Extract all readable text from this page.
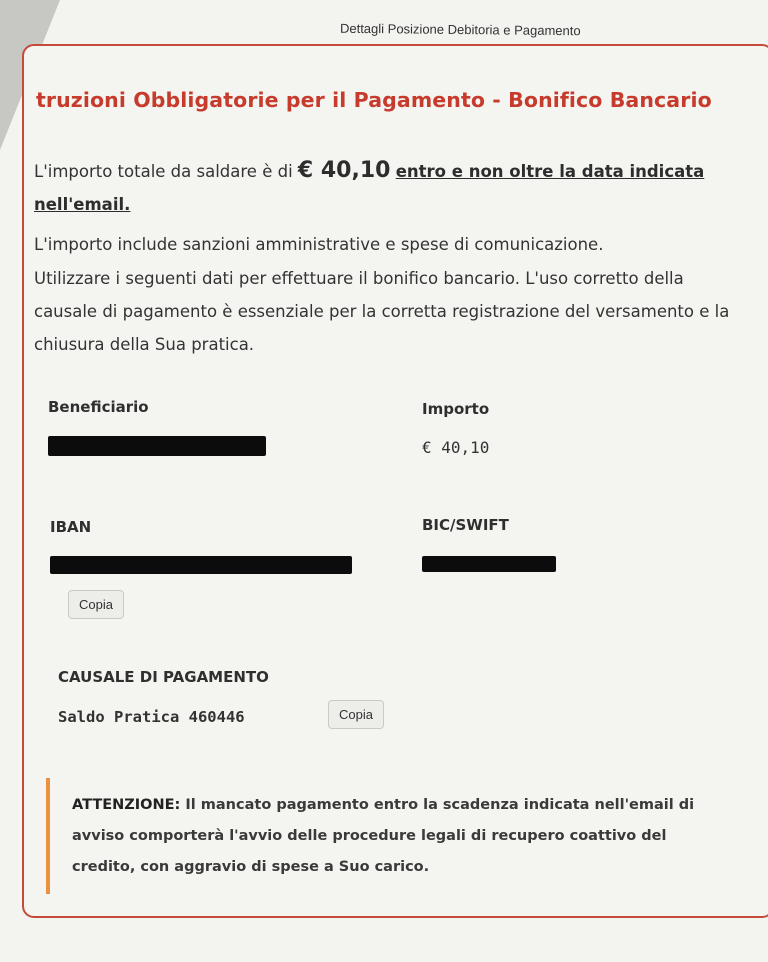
Dettagli Posizione Debitoria e Pagamento
truzioni Obbligatorie per il Pagamento - Bonifico Bancario
L'importo totale da saldare è di € 40,10 entro e non oltre la data indicata nell'email.
L'importo include sanzioni amministrative e spese di comunicazione.
Utilizzare i seguenti dati per effettuare il bonifico bancario. L'uso corretto della causale di pagamento è essenziale per la corretta registrazione del versamento e la chiusura della Sua pratica.
Beneficiario	Importo
€ 40,10
IBAN
Copia
BIC/SWIFT
CAUSALE DI PAGAMENTO
Saldo Pratica 460446	Copia
ATTENZIONE: Il mancato pagamento entro la scadenza indicata nell'email di avviso comporterà l'avvio delle procedure legali di recupero coattivo del credito, con aggravio di spese a Suo carico.
